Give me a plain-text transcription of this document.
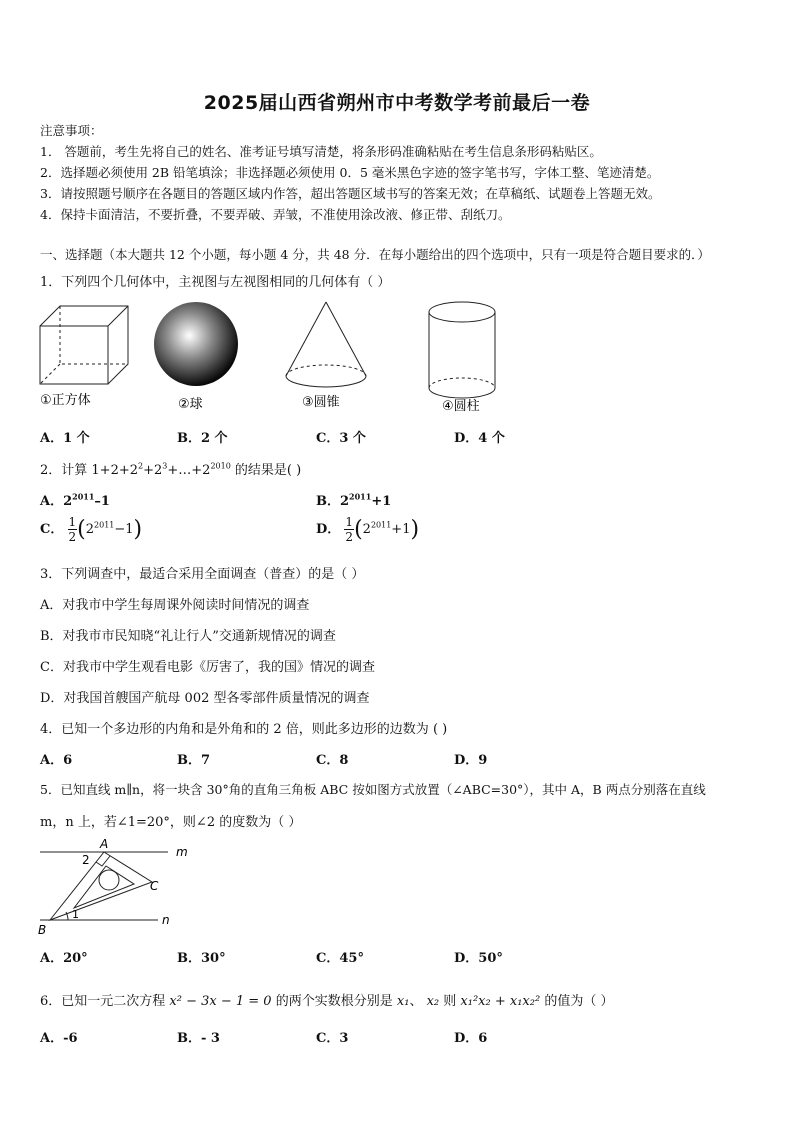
2025届山西省朔州市中考数学考前最后一卷
注意事项：
1． 答题前，考生先将自己的姓名、准考证号填写清楚，将条形码准确粘贴在考生信息条形码粘贴区。
2．选择题必须使用 2B 铅笔填涂；非选择题必须使用 0．5 毫米黑色字迹的签字笔书写，字体工整、笔迹清楚。
3．请按照题号顺序在各题目的答题区域内作答，超出答题区域书写的答案无效；在草稿纸、试题卷上答题无效。
4．保持卡面清洁，不要折叠，不要弄破、弄皱，不准使用涂改液、修正带、刮纸刀。
一、选择题（本大题共 12 个小题，每小题 4 分，共 48 分．在每小题给出的四个选项中，只有一项是符合题目要求的．）
1．下列四个几何体中，主视图与左视图相同的几何体有（ ）
①正方体	②球	③圆锥	④圆柱
A．1 个	B．2 个	C．3 个	D．4 个
2．计算 $1+2+2^2+2^3+\dots+2^{2010}$ 的结果是( )
A．$2^{2011}-1$	B．$2^{2011}+1$
C． $\frac{1}{2} (2^{2011}-1)$	D． $\frac{1}{2} (2^{2011}+1)$
3．下列调查中，最适合采用全面调查（普查）的是（ ）
A．对我市中学生每周课外阅读时间情况的调查
B．对我市市民知晓“礼让行人”交通新规情况的调查
C．对我市中学生观看电影《厉害了，我的国》情况的调查
D．对我国首艘国产航母 002 型各零部件质量情况的调查
4．已知一个多边形的内角和是外角和的 2 倍，则此多边形的边数为 ( )
A．6	B．7	C．8	D．9
5．已知直线 m∥n，将一块含 30°角的直角三角板 ABC 按如图方式放置（∠ABC=30°），其中 A，B 两点分别落在直线
m，n 上，若∠1=20°，则∠2 的度数为（ ）
A
2
m
C
1	n
B
A．20°	B．30°	C．45°	D．50°
6．已知一元二次方程 x² − 3x − 1 = 0 的两个实数根分别是 x₁、 x₂ 则 x₁²x₂ + x₁x₂² 的值为（ ）
A．-6	B．- 3	C．3	D．6
